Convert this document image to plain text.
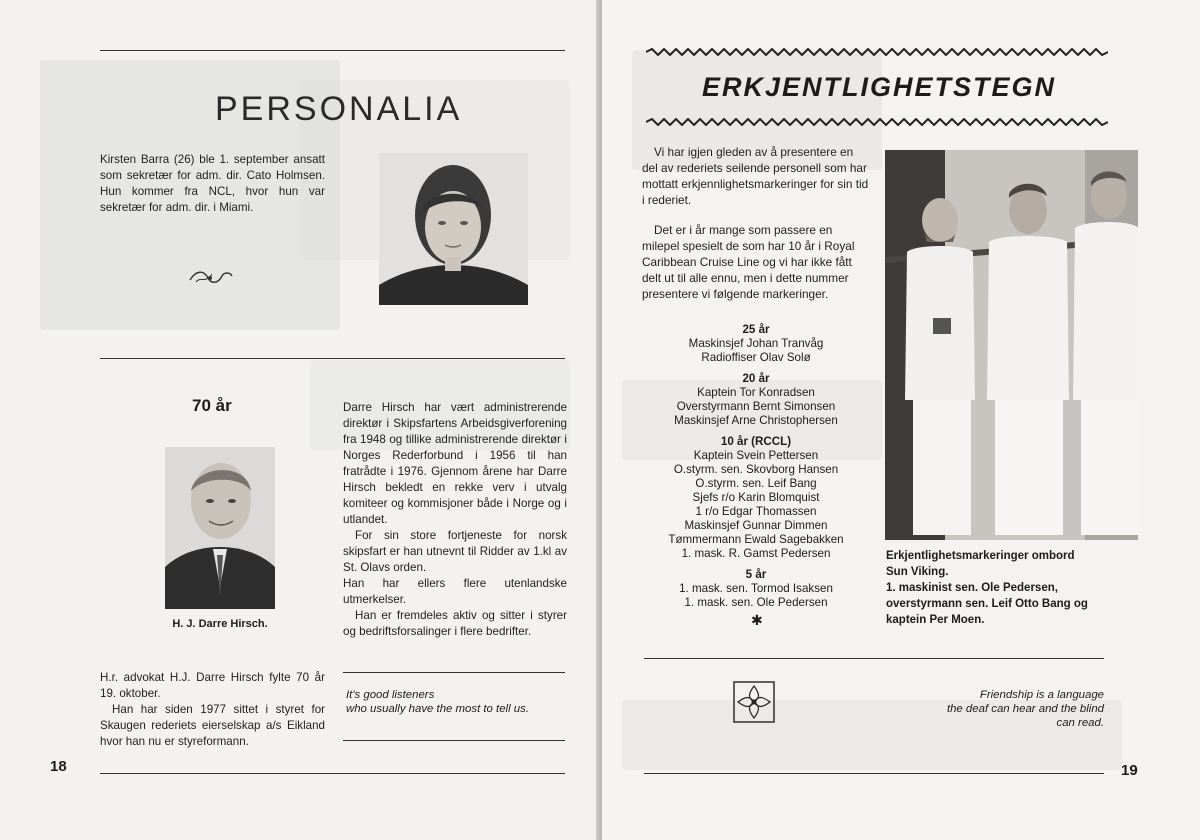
PERSONALIA
Kirsten Barra (26) ble 1. september ansatt som sekretær for adm. dir. Cato Holmsen. Hun kommer fra NCL, hvor hun var sekretær for adm. dir. i Miami.
70 år
H. J. Darre Hirsch.
Darre Hirsch har vært administrerende direktør i Skipsfartens Arbeidsgiverforening fra 1948 og tillike administrerende direktør i Norges Rederforbund i 1956 til han fratrådte i 1976. Gjennom årene har Darre Hirsch bekledt en rekke verv i utvalg komiteer og kommisjoner både i Norge og i utlandet.
For sin store fortjeneste for norsk skipsfart er han utnevnt til Ridder av 1.kl av St. Olavs orden.
Han har ellers flere utenlandske utmerkelser.
Han er fremdeles aktiv og sitter i styrer og bedriftsforsalinger i flere bedrifter.
It's good listeners
who usually have the most to tell us.
H.r. advokat H.J. Darre Hirsch fylte 70 år 19. oktober.
Han har siden 1977 sittet i styret for Skaugen rederiets eierselskap a/s Eikland hvor han nu er styreformann.
18
ERKJENTLIGHETSTEGN
Vi har igjen gleden av å presentere en del av rederiets seilende personell som har mottatt erkjennlighetsmarkeringer for sin tid i rederiet.
Det er i år mange som passere en milepel spesielt de som har 10 år i Royal Caribbean Cruise Line og vi har ikke fått delt ut til alle ennu, men i dette nummer presentere vi følgende markeringer.
25 år
Maskinsjef Johan Tranvåg
Radioffiser Olav Solø
20 år
Kaptein Tor Konradsen
Overstyrmann Bernt Simonsen
Maskinsjef Arne Christophersen
10 år (RCCL)
Kaptein Svein Pettersen
O.styrm. sen. Skovborg Hansen
O.styrm. sen. Leif Bang
Sjefs r/o Karin Blomquist
1 r/o Edgar Thomassen
Maskinsjef Gunnar Dimmen
Tømmermann Ewald Sagebakken
1. mask. R. Gamst Pedersen
5 år
1. mask. sen. Tormod Isaksen
1. mask. sen. Ole Pedersen
✱
Erkjentlighetsmarkeringer ombord
Sun Viking.
1. maskinist sen. Ole Pedersen,
overstyrmann sen. Leif Otto Bang og
kaptein Per Moen.
Friendship is a language
the deaf can hear and the blind
can read.
19
